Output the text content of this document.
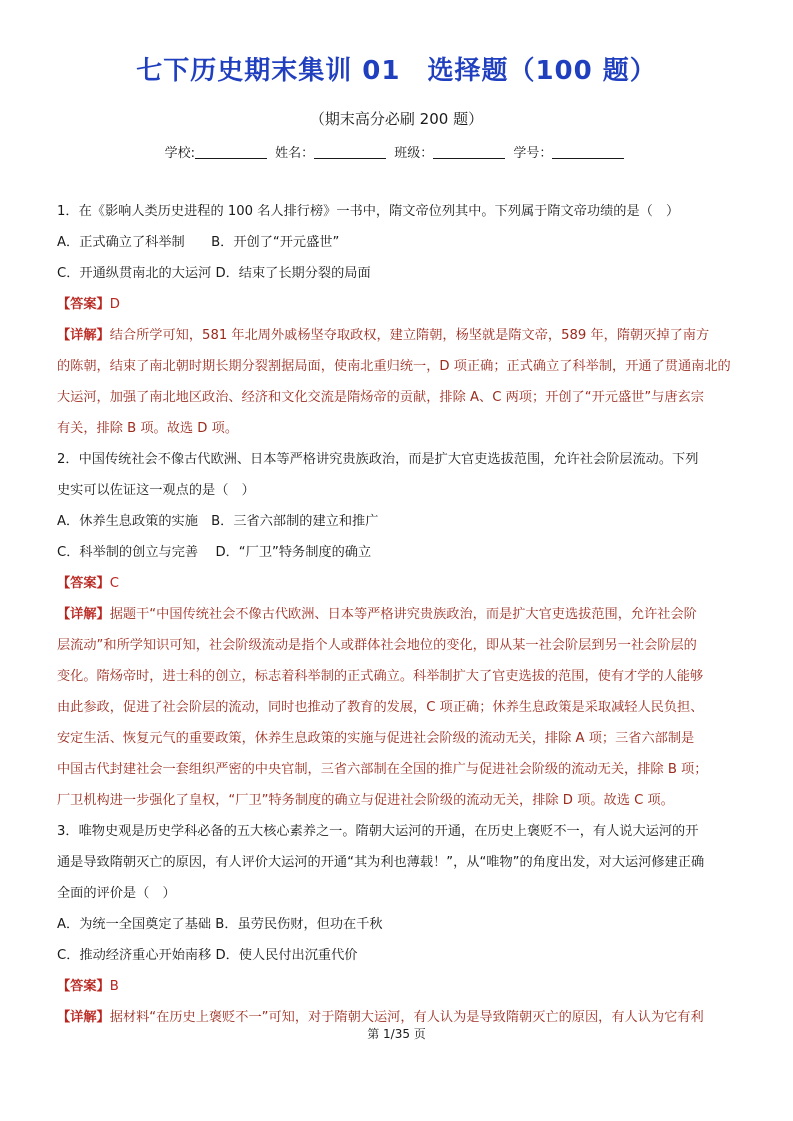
七下历史期末集训 01　选择题（100 题）
（期末高分必刷 200 题）
学校:	姓名：	班级：	学号：
1．在《影响人类历史进程的 100 名人排行榜》一书中，隋文帝位列其中。下列属于隋文帝功绩的是（　）
A．正式确立了科举制　　B．开创了“开元盛世”
C．开通纵贯南北的大运河 D．结束了长期分裂的局面
【答案】D
【详解】结合所学可知，581 年北周外戚杨坚夺取政权，建立隋朝，杨坚就是隋文帝，589 年，隋朝灭掉了南方
的陈朝，结束了南北朝时期长期分裂割据局面，使南北重归统一，D 项正确；正式确立了科举制，开通了贯通南北的
大运河，加强了南北地区政治、经济和文化交流是隋炀帝的贡献，排除 A、C 两项；开创了“开元盛世”与唐玄宗
有关，排除 B 项。故选 D 项。
2．中国传统社会不像古代欧洲、日本等严格讲究贵族政治，而是扩大官吏选拔范围，允许社会阶层流动。下列
史实可以佐证这一观点的是（　）
A．休养生息政策的实施　B．三省六部制的建立和推广
C．科举制的创立与完善　 D．“厂卫”特务制度的确立
【答案】C
【详解】据题干“中国传统社会不像古代欧洲、日本等严格讲究贵族政治，而是扩大官吏选拔范围，允许社会阶
层流动”和所学知识可知，社会阶级流动是指个人或群体社会地位的变化，即从某一社会阶层到另一社会阶层的
变化。隋炀帝时，进士科的创立，标志着科举制的正式确立。科举制扩大了官吏选拔的范围，使有才学的人能够
由此参政，促进了社会阶层的流动，同时也推动了教育的发展，C 项正确；休养生息政策是采取减轻人民负担、
安定生活、恢复元气的重要政策，休养生息政策的实施与促进社会阶级的流动无关，排除 A 项；三省六部制是
中国古代封建社会一套组织严密的中央官制，三省六部制在全国的推广与促进社会阶级的流动无关，排除 B 项；
厂卫机构进一步强化了皇权，“厂卫”特务制度的确立与促进社会阶级的流动无关，排除 D 项。故选 C 项。
3．唯物史观是历史学科必备的五大核心素养之一。隋朝大运河的开通，在历史上褒贬不一，有人说大运河的开
通是导致隋朝灭亡的原因，有人评价大运河的开通“其为利也薄载！”，从“唯物”的角度出发，对大运河修建正确
全面的评价是（　）
A．为统一全国奠定了基础 B．虽劳民伤财，但功在千秋
C．推动经济重心开始南移 D．使人民付出沉重代价
【答案】B
【详解】据材料“在历史上褒贬不一”可知，对于隋朝大运河，有人认为是导致隋朝灭亡的原因，有人认为它有利
第 1/35 页
